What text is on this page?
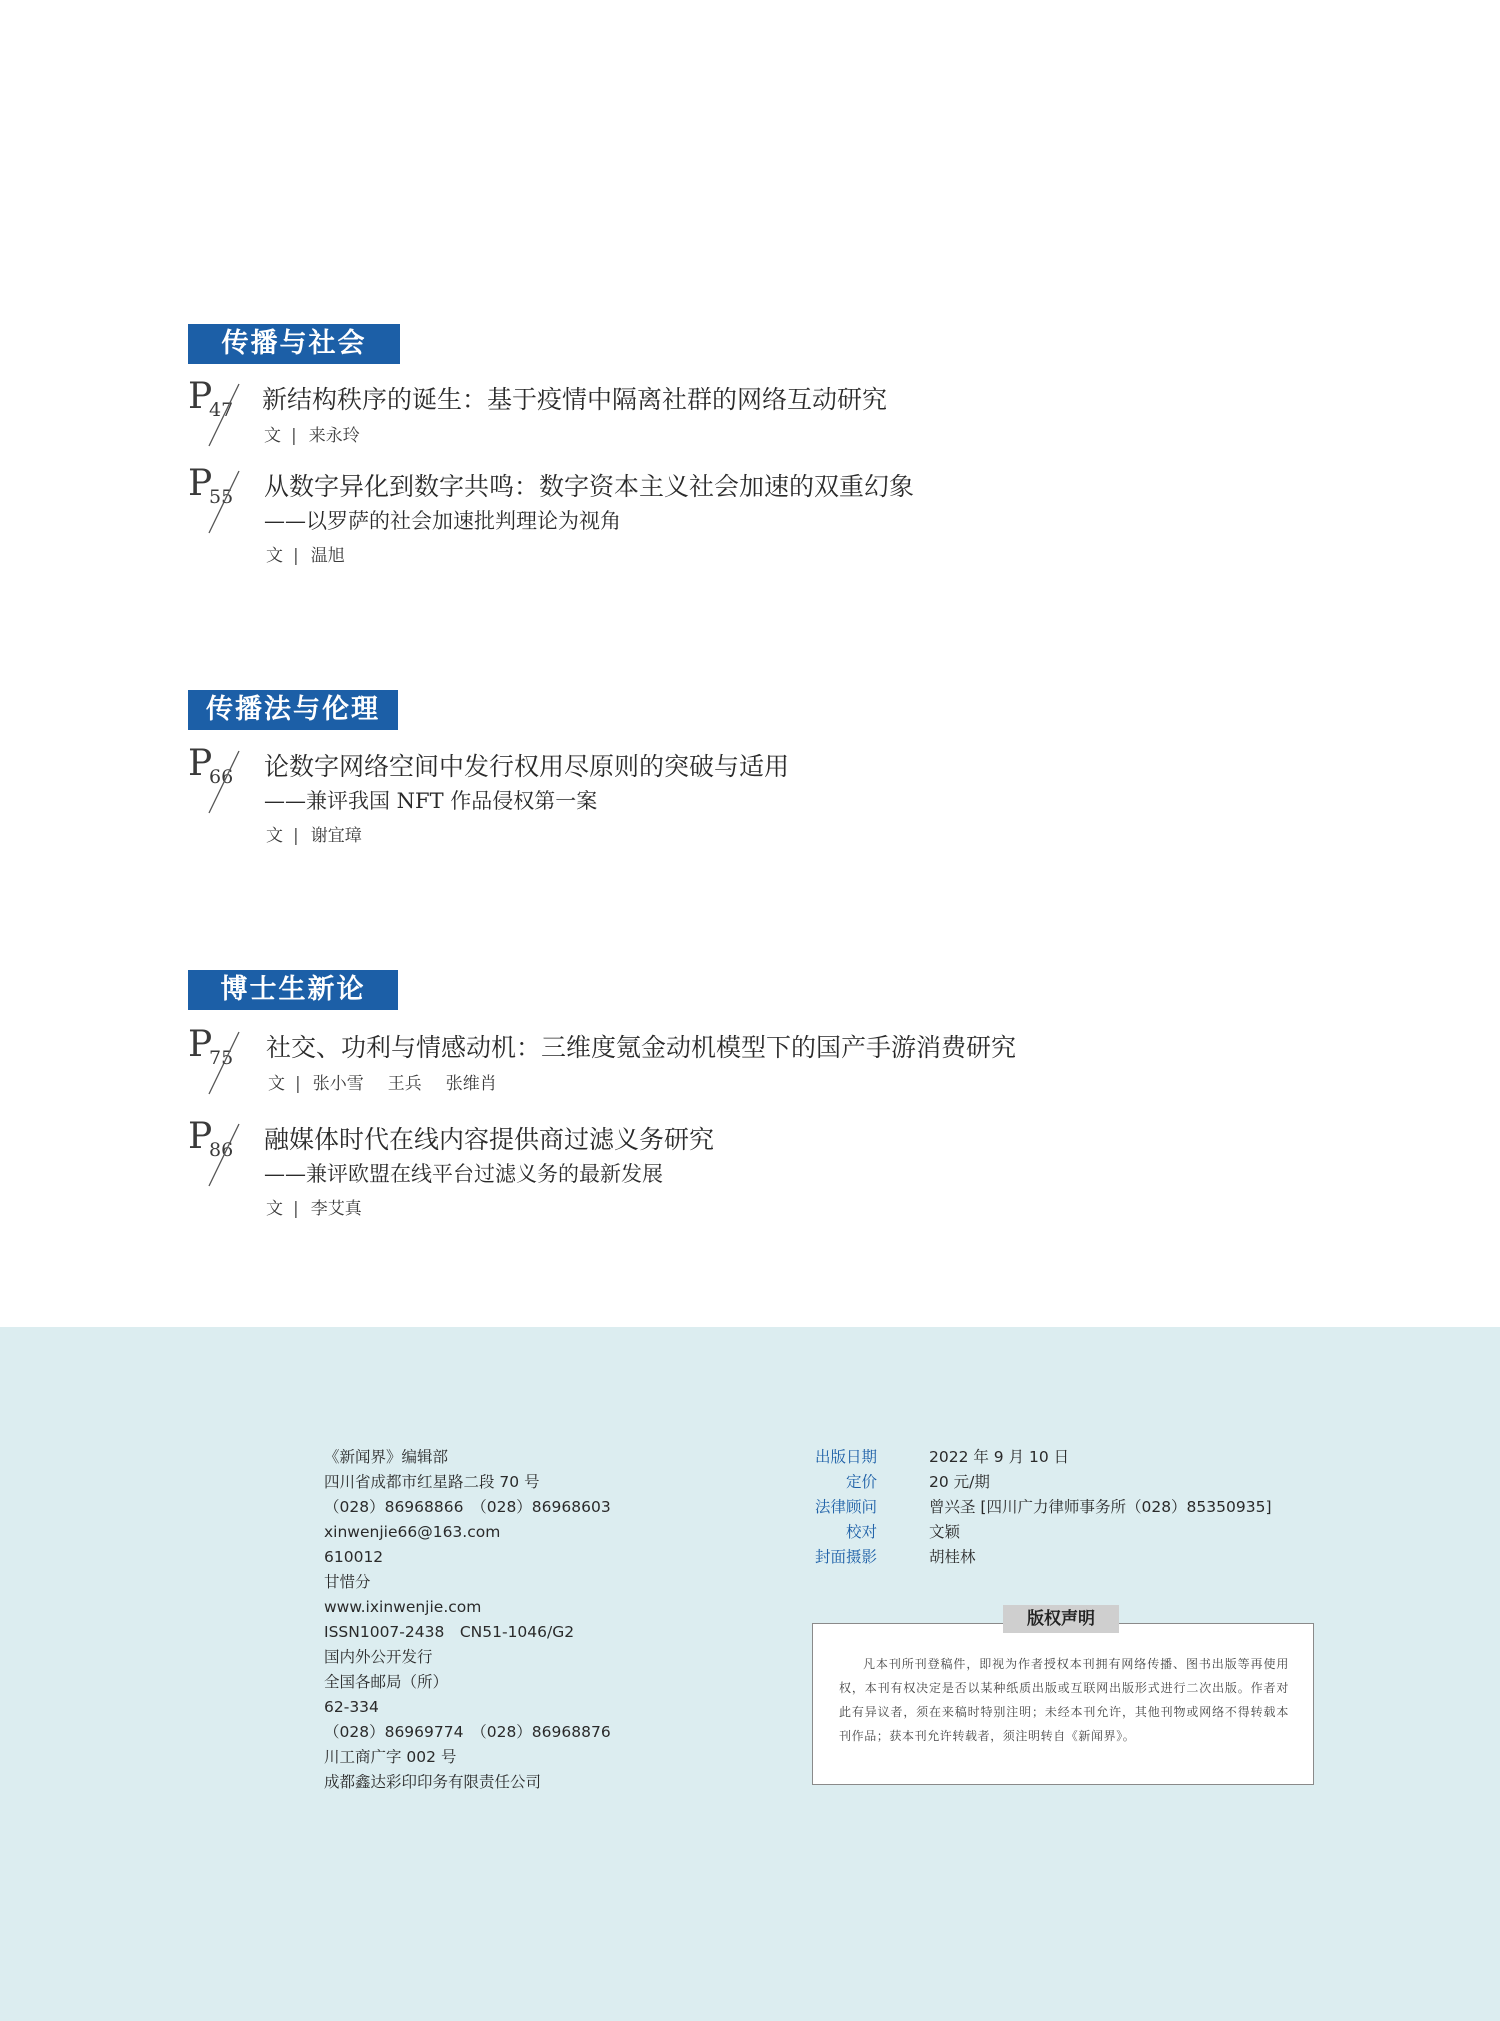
传播与社会
P
47 新结构秩序的诞生：基于疫情中隔离社群的网络互动研究
文 | 来永玲
P
55 从数字异化到数字共鸣：数字资本主义社会加速的双重幻象
——以罗萨的社会加速批判理论为视角
文 | 温旭
传播法与伦理
P
66 论数字网络空间中发行权用尽原则的突破与适用
——兼评我国 NFT 作品侵权第一案
文 | 谢宜璋
博士生新论
P
75 社交、功利与情感动机：三维度氪金动机模型下的国产手游消费研究
文 | 张小雪 王兵 张维肖
P
86 融媒体时代在线内容提供商过滤义务研究
——兼评欧盟在线平台过滤义务的最新发展
文 | 李艾真
《新闻界》编辑部
四川省成都市红星路二段 70 号
（028）86968866　（028）86968603
xinwenjie66@163.com
610012
甘惜分
www.ixinwenjie.com
ISSN1007-2438　CN51-1046/G2
国内外公开发行
全国各邮局（所）
62-334
（028）86969774　（028）86968876
川工商广字 002 号
成都鑫达彩印印务有限责任公司
出版日期	2022 年 9 月 10 日
定价	20 元/期
法律顾问	曾兴圣 [四川广力律师事务所（028）85350935]
校对	文颖
封面摄影	胡桂林
凡本刊所刊登稿件，即视为作者授权本刊拥有网络传播、图书出版等再使用权，本刊有权决定是否以某种纸质出版或互联网出版形式进行二次出版。作者对此有异议者，须在来稿时特别注明；未经本刊允许，其他刊物或网络不得转载本刊作品；获本刊允许转载者，须注明转自《新闻界》。
版权声明
